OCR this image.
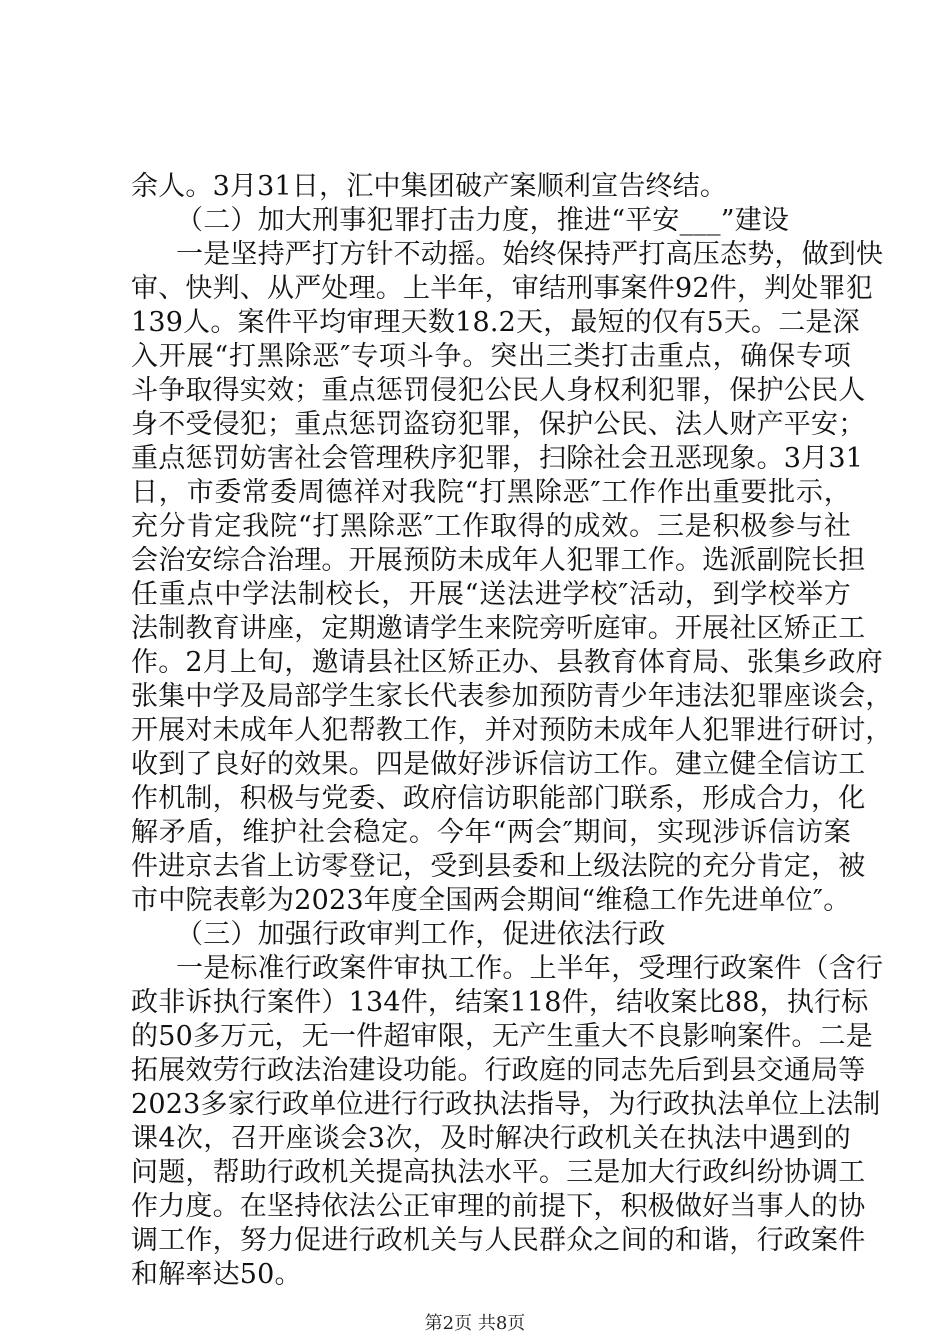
余人。3月31日，汇中集团破产案顺利宣告终结。
（二）加大刑事犯罪打击力度，推进“平安___”建设
一是坚持严打方针不动摇。始终保持严打高压态势，做到快
审、快判、从严处理。上半年，审结刑事案件92件，判处罪犯
139人。案件平均审理天数18.2天，最短的仅有5天。二是深
入开展“打黑除恶″专项斗争。突出三类打击重点，确保专项
斗争取得实效；重点惩罚侵犯公民人身权利犯罪，保护公民人
身不受侵犯；重点惩罚盗窃犯罪，保护公民、法人财产平安；
重点惩罚妨害社会管理秩序犯罪，扫除社会丑恶现象。3月31
日，市委常委周德祥对我院“打黑除恶″工作作出重要批示，
充分肯定我院“打黑除恶″工作取得的成效。三是积极参与社
会治安综合治理。开展预防未成年人犯罪工作。选派副院长担
任重点中学法制校长，开展“送法进学校″活动，到学校举方
法制教育讲座，定期邀请学生来院旁听庭审。开展社区矫正工
作。2月上旬，邀请县社区矫正办、县教育体育局、张集乡政府
张集中学及局部学生家长代表参加预防青少年违法犯罪座谈会，
开展对未成年人犯帮教工作，并对预防未成年人犯罪进行研讨，
收到了良好的效果。四是做好涉诉信访工作。建立健全信访工
作机制，积极与党委、政府信访职能部门联系，形成合力，化
解矛盾，维护社会稳定。今年“两会″期间，实现涉诉信访案
件进京去省上访零登记，受到县委和上级法院的充分肯定，被
市中院表彰为2023年度全国两会期间“维稳工作先进单位″。
（三）加强行政审判工作，促进依法行政
一是标准行政案件审执工作。上半年，受理行政案件（含行
政非诉执行案件）134件，结案118件，结收案比88，执行标
的50多万元，无一件超审限，无产生重大不良影响案件。二是
拓展效劳行政法治建设功能。行政庭的同志先后到县交通局等
2023多家行政单位进行行政执法指导，为行政执法单位上法制
课4次，召开座谈会3次，及时解决行政机关在执法中遇到的
问题，帮助行政机关提高执法水平。三是加大行政纠纷协调工
作力度。在坚持依法公正审理的前提下，积极做好当事人的协
调工作，努力促进行政机关与人民群众之间的和谐，行政案件
和解率达50。
第2页 共8页
